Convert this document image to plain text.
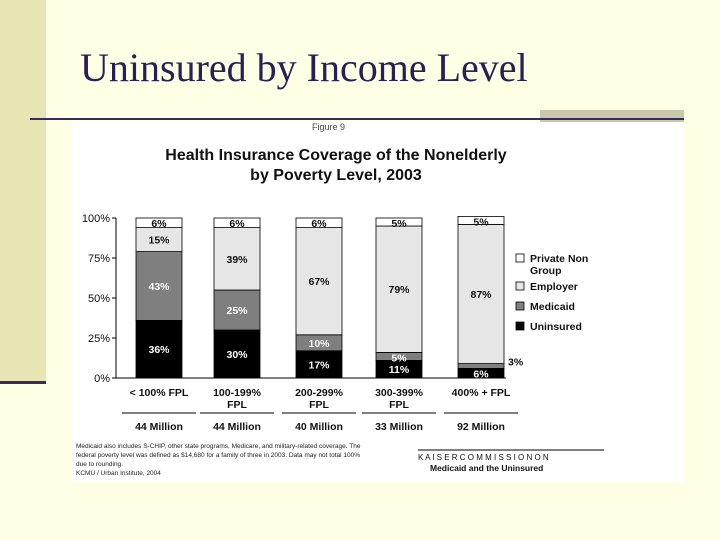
Uninsured by Income Level
Figure 9
Health Insurance Coverage of the Nonelderly
by Poverty Level, 2003
0%
25%
50%
75%
100%
36%
43%
15%
6%
< 100% FPL
44 Million
30%
25%
39%
6%
100-199%
FPL
44 Million
17%
10%
67%
6%
200-299%
FPL
40 Million
11%
5%
79%
5%
300-399%
FPL
33 Million
6%
3%
87%
5%
400% + FPL
92 Million
Private Non
Group
Employer
Medicaid
Uninsured
Medicaid also includes S-CHIP, other state programs, Medicare, and military-related coverage. The
federal poverty level was defined as $14,680 for a family of three in 2003. Data may not total 100%
due to rounding.
KCMU / Urban Institute, 2004
K A I S E R C O M M I S S I O N O N
Medicaid and the Uninsured
